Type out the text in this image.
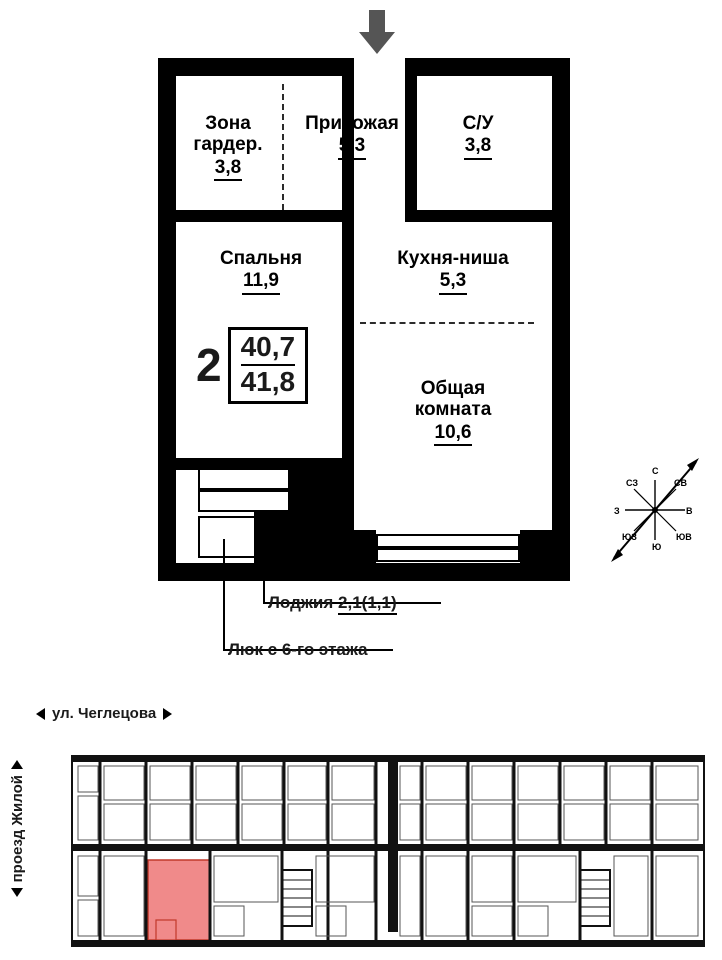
Зона
гардер.
3,8
Прихожая
5,3
С/У
3,8
Спальня
11,9
Кухня-ниша
5,3
Общая
комната
10,6
2 40,7
41,8
Лоджия 2,1(1,1)
Люк с 6-го этажа
С
СВ
В
ЮВ
Ю
ЮЗ
З
СЗ
ул. Чеглецова
проезд Жилой
